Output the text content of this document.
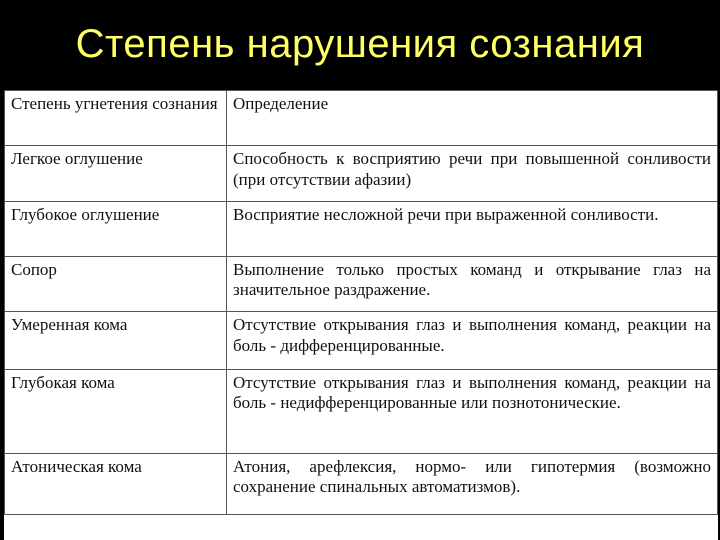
Степень нарушения сознания
Степень угнетения сознания	Определение
Легкое оглушение	Способность к восприятию речи при повышенной сонливости (при отсутствии афазии)
Глубокое оглушение	Восприятие несложной речи при выраженной сонливости.
Сопор	Выполнение только простых команд и открывание глаз на значительное раздражение.
Умеренная кома	Отсутствие открывания глаз и выполнения команд, реакции на боль - дифференцированные.
Глубокая кома	Отсутствие открывания глаз и выполнения команд, реакции на боль - недифференцированные или познотонические.
Атоническая кома	Атония, арефлексия, нормо- или гипотермия (возможно сохранение спинальных автоматизмов).
